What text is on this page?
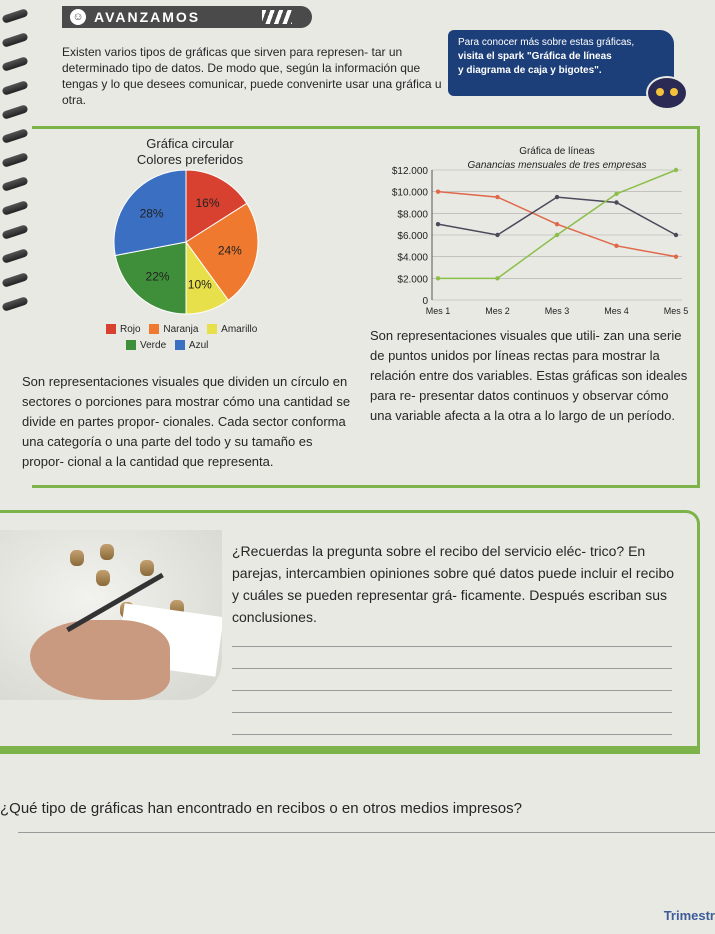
☺ AVANZAMOS
Existen varios tipos de gráficas que sirven para represen- tar un determinado tipo de datos. De modo que, según la información que tengas y lo que desees comunicar, puede convenirte usar una gráfica u otra.
Para conocer más sobre estas gráficas,
visita el spark "Gráfica de líneas
y diagrama de caja y bigotes".
Gráfica circular
Colores preferidos
16%
24%
10%
22%
28%
Rojo Naranja Amarillo
Verde Azul
Gráfica de líneas
Ganancias mensuales de tres empresas
0
$2.000
$4.000
$6.000
$8.000
$10.000
$12.000
Mes 1	Mes 2	Mes 3	Mes 4	Mes 5
Son representaciones visuales que utili- zan una serie de puntos unidos por líneas rectas para mostrar la relación entre dos variables. Estas gráficas son ideales para re- presentar datos continuos y observar cómo una variable afecta a la otra a lo largo de un período.
Son representaciones visuales que dividen un círculo en sectores o porciones para mostrar cómo una cantidad se divide en partes propor- cionales. Cada sector conforma una categoría o una parte del todo y su tamaño es propor- cional a la cantidad que representa.
¿Recuerdas la pregunta sobre el recibo del servicio eléc- trico? En parejas, intercambien opiniones sobre qué datos puede incluir el recibo y cuáles se pueden representar grá- ficamente. Después escriban sus conclusiones.
¿Qué tipo de gráficas han encontrado en recibos o en otros medios impresos?
Trimestr
